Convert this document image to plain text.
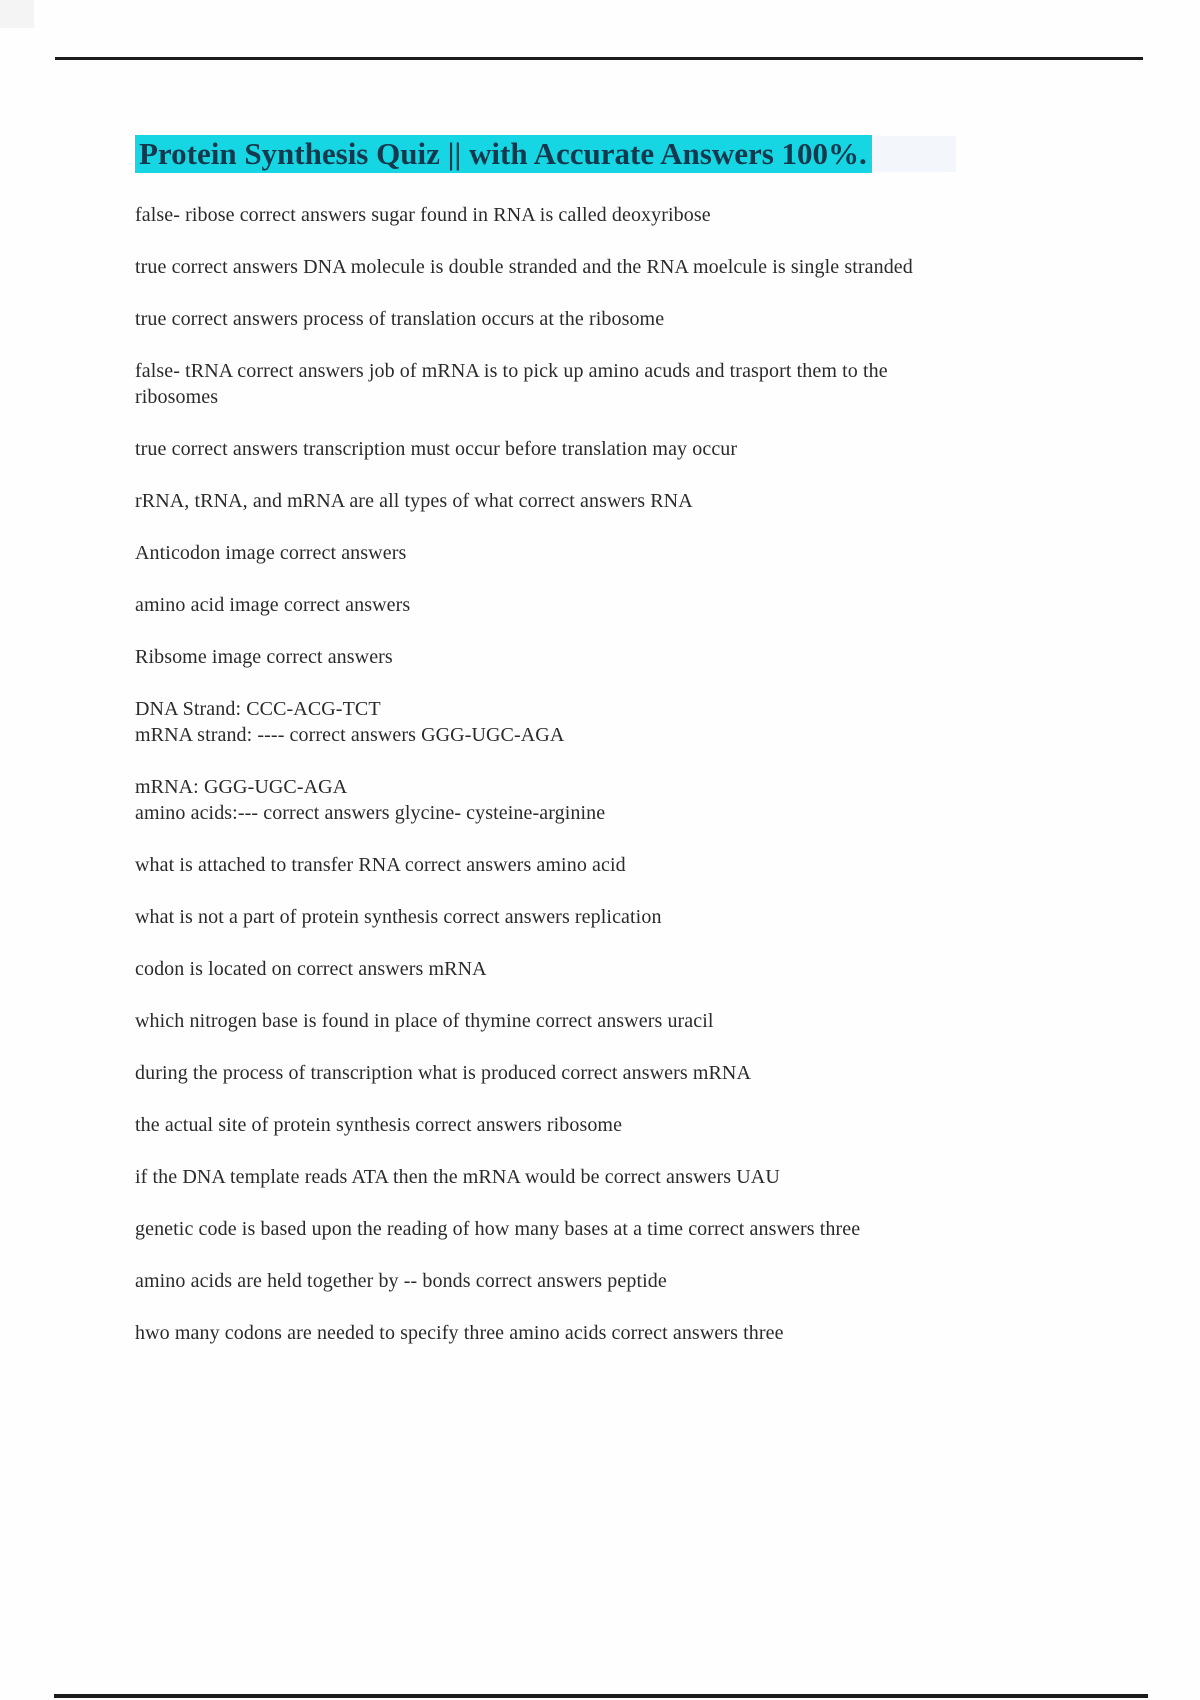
Protein Synthesis Quiz || with Accurate Answers 100%.

false- ribose correct answers sugar found in RNA is called deoxyribose

true correct answers DNA molecule is double stranded and the RNA moelcule is single stranded

true correct answers process of translation occurs at the ribosome

false- tRNA correct answers job of mRNA is to pick up amino acuds and trasport them to the
ribosomes

true correct answers transcription must occur before translation may occur

rRNA, tRNA, and mRNA are all types of what correct answers RNA

Anticodon image correct answers

amino acid image correct answers

Ribsome image correct answers

DNA Strand: CCC-ACG-TCT
mRNA strand: ---- correct answers GGG-UGC-AGA

mRNA: GGG-UGC-AGA
amino acids:--- correct answers glycine- cysteine-arginine

what is attached to transfer RNA correct answers amino acid

what is not a part of protein synthesis correct answers replication

codon is located on correct answers mRNA

which nitrogen base is found in place of thymine correct answers uracil

during the process of transcription what is produced correct answers mRNA

the actual site of protein synthesis correct answers ribosome

if the DNA template reads ATA then the mRNA would be correct answers UAU

genetic code is based upon the reading of how many bases at a time correct answers three

amino acids are held together by -- bonds correct answers peptide

hwo many codons are needed to specify three amino acids correct answers three
